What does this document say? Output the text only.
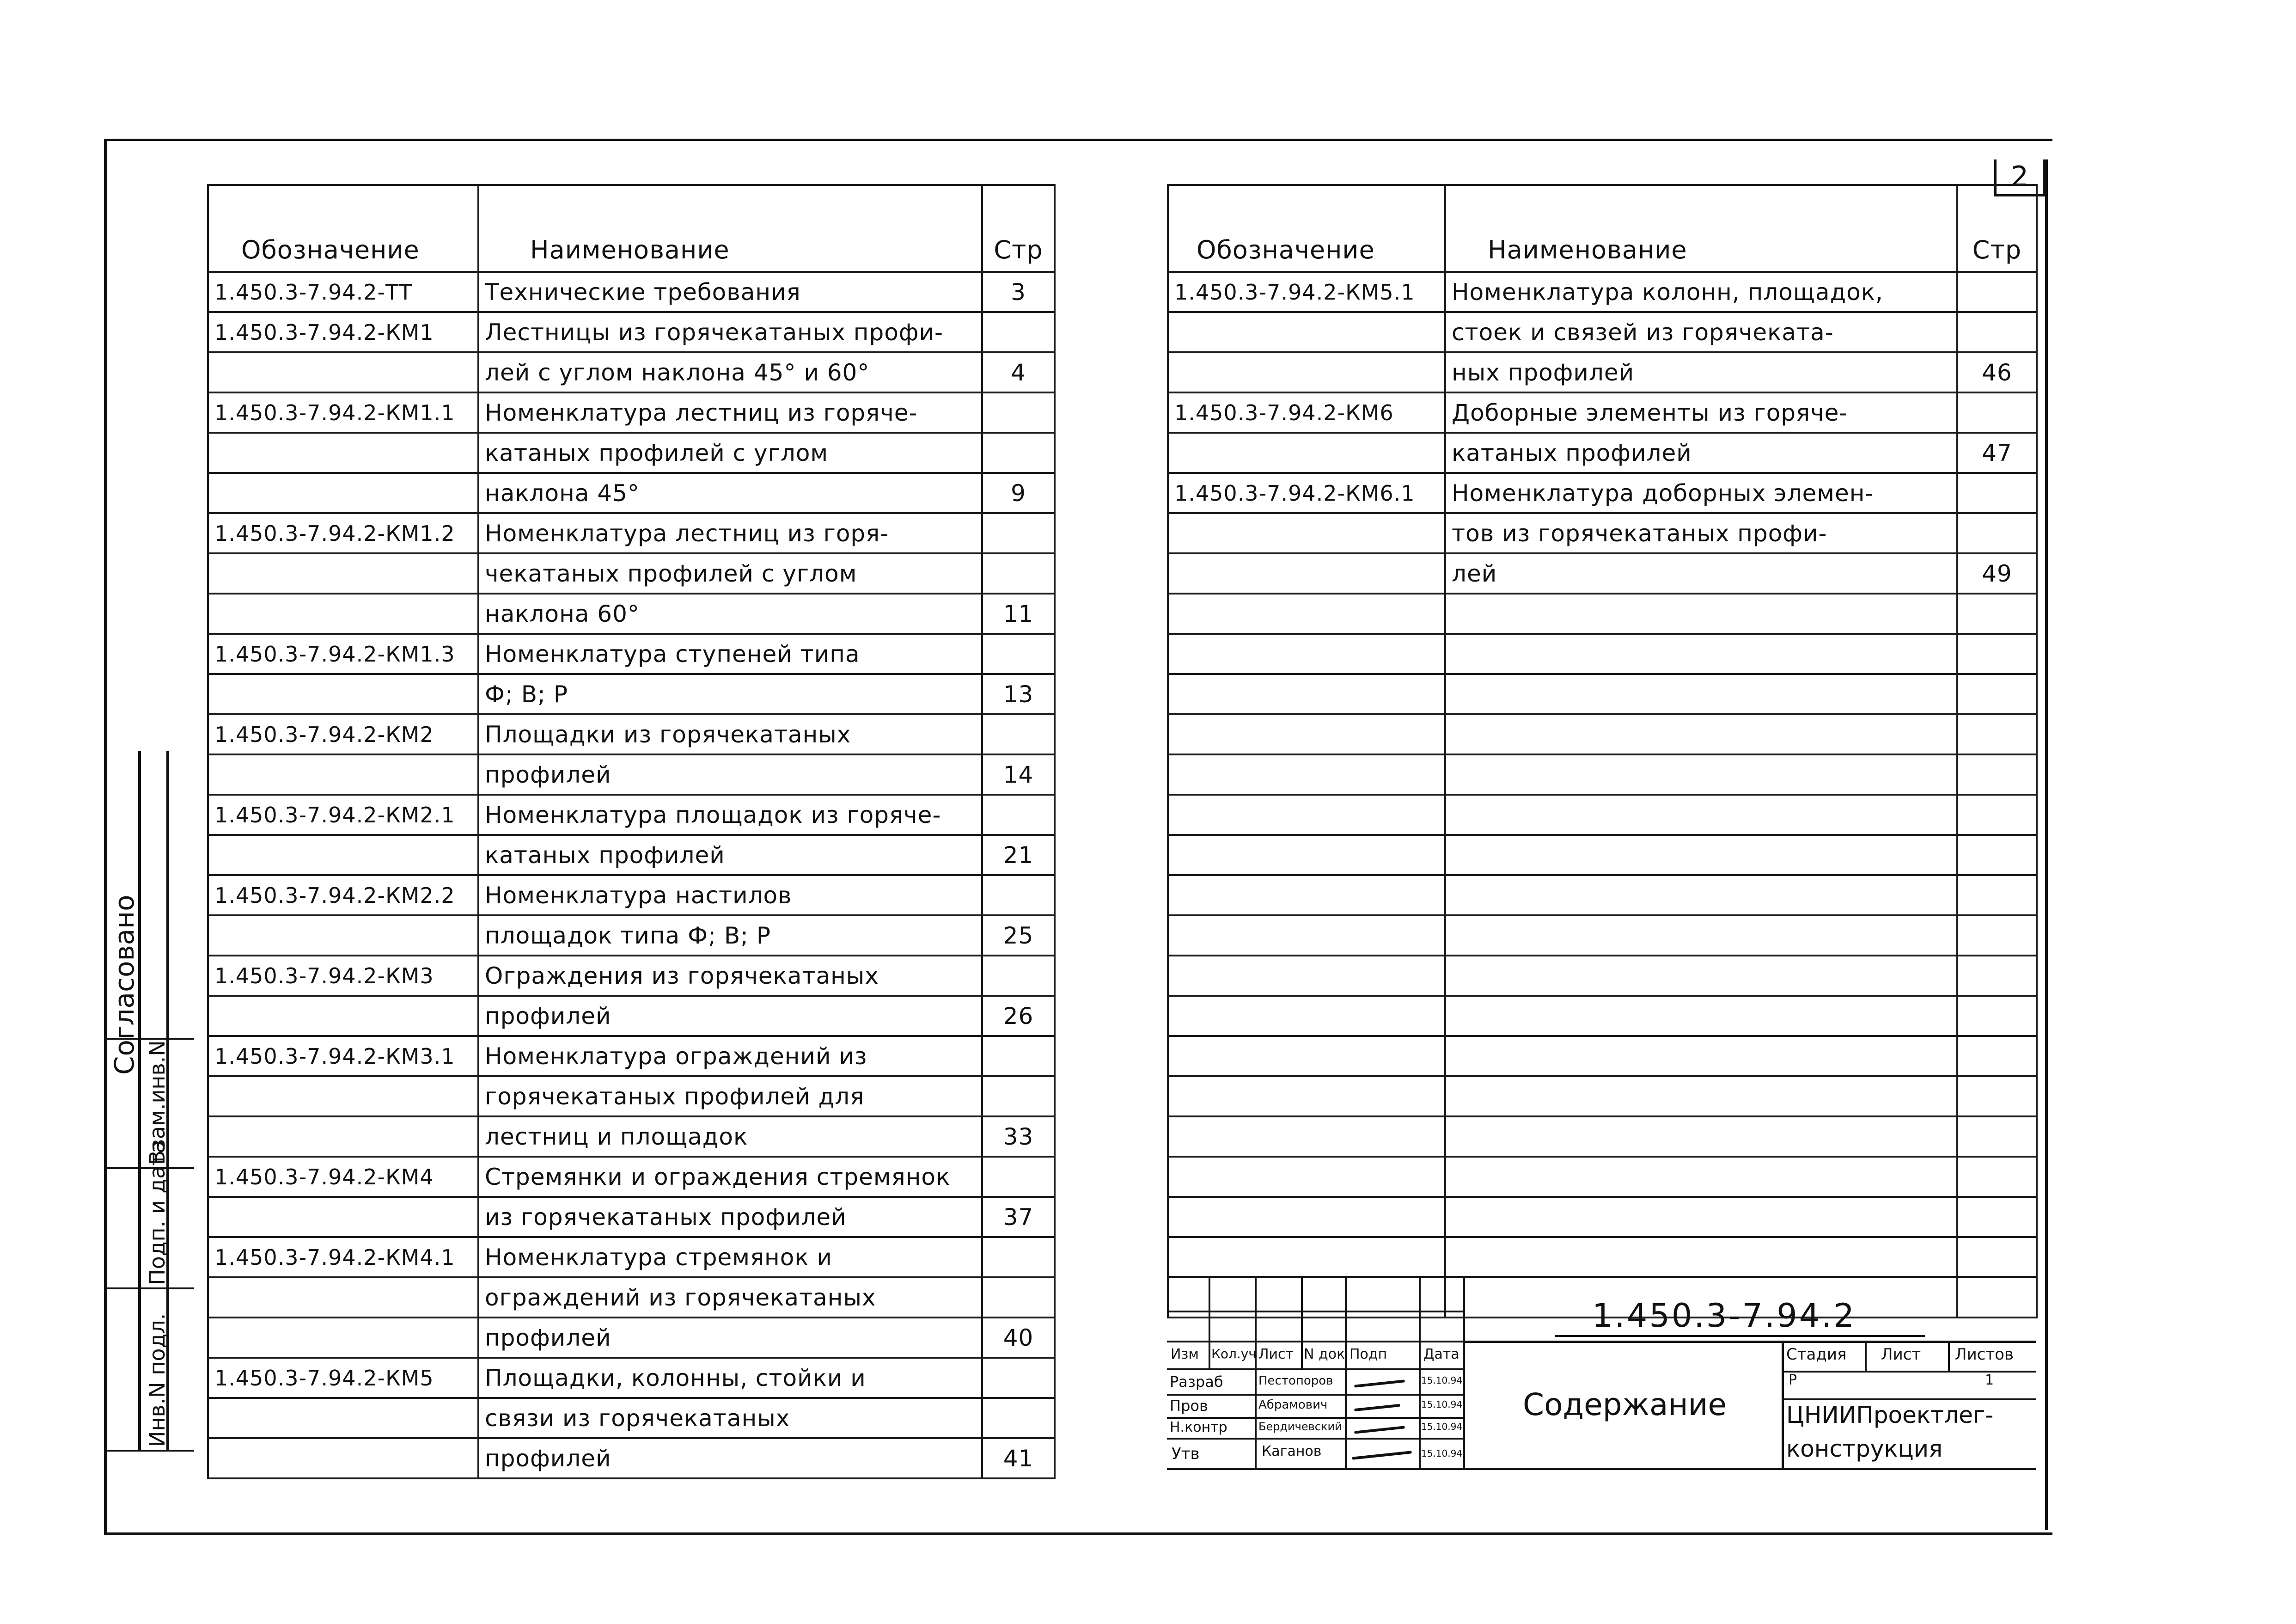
2
Обозначение	Наименование	Стр
1.450.3-7.94.2-ТТ	Технические требования	3
1.450.3-7.94.2-КМ1	Лестницы из горячекатаных профи-	
	лей с углом наклона 45° и 60°	4
1.450.3-7.94.2-КМ1.1	Номенклатура лестниц из горяче-	
	катаных профилей с углом	
	наклона 45°	9
1.450.3-7.94.2-КМ1.2	Номенклатура лестниц из горя-	
	чекатаных профилей с углом	
	наклона 60°	11
1.450.3-7.94.2-КМ1.3	Номенклатура ступеней типа	
	Ф; В; Р	13
1.450.3-7.94.2-КМ2	Площадки из горячекатаных	
	профилей	14
1.450.3-7.94.2-КМ2.1	Номенклатура площадок из горяче-	
	катаных профилей	21
1.450.3-7.94.2-КМ2.2	Номенклатура настилов	
	площадок типа Ф; В; Р	25
1.450.3-7.94.2-КМ3	Ограждения из горячекатаных	
	профилей	26
1.450.3-7.94.2-КМ3.1	Номенклатура ограждений из	
	горячекатаных профилей для	
	лестниц и площадок	33
1.450.3-7.94.2-КМ4	Стремянки и ограждения стремянок	
	из горячекатаных профилей	37
1.450.3-7.94.2-КМ4.1	Номенклатура стремянок и	
	ограждений из горячекатаных	
	профилей	40
1.450.3-7.94.2-КМ5	Площадки, колонны, стойки и	
	связи из горячекатаных	
	профилей	41
Обозначение	Наименование	Стр
1.450.3-7.94.2-КМ5.1	Номенклатура колонн, площадок,	
	стоек и связей из горячеката-	
	ных профилей	46
1.450.3-7.94.2-КМ6	Доборные элементы из горяче-	
	катаных профилей	47
1.450.3-7.94.2-КМ6.1	Номенклатура доборных элемен-	
	тов из горячекатаных профи-	
	лей	49

Согласовано
Взам.инв.N
Подп. и дата
Инв.N подл.	Изм Кол.уч Лист N док Подп	Дата
Разраб	Пестопоров	15.10.94
Пров	Абрамович	15.10.94
Н.контр	Бердичевский	15.10.94
Утв	Каганов	15.10.94
1.450.3-7.94.2
Содержание
Стадия Лист Листов
Р	1
ЦНИИПроектлег-
конструкция
